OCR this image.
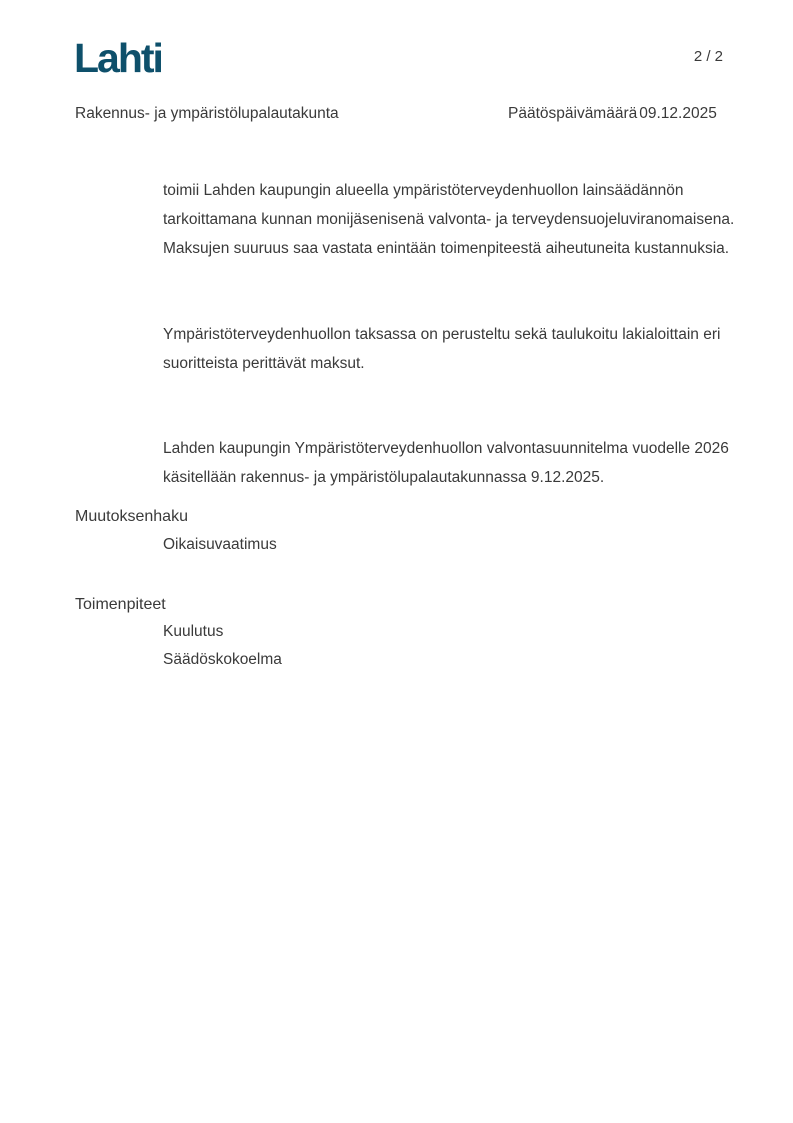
Lahti	2 / 2
Rakennus- ja ympäristölupalautakunta	Päätöspäivämäärä 09.12.2025
toimii Lahden kaupungin alueella ympäristöterveydenhuollon lainsäädännön
tarkoittamana kunnan monijäsenisenä valvonta- ja terveydensuojeluviranomaisena.
Maksujen suuruus saa vastata enintään toimenpiteestä aiheutuneita kustannuksia.
Ympäristöterveydenhuollon taksassa on perusteltu sekä taulukoitu lakialoittain eri
suoritteista perittävät maksut.
Lahden kaupungin Ympäristöterveydenhuollon valvontasuunnitelma vuodelle 2026
käsitellään rakennus- ja ympäristölupalautakunnassa 9.12.2025.
Muutoksenhaku
Oikaisuvaatimus
Toimenpiteet
Kuulutus
Säädöskokoelma
